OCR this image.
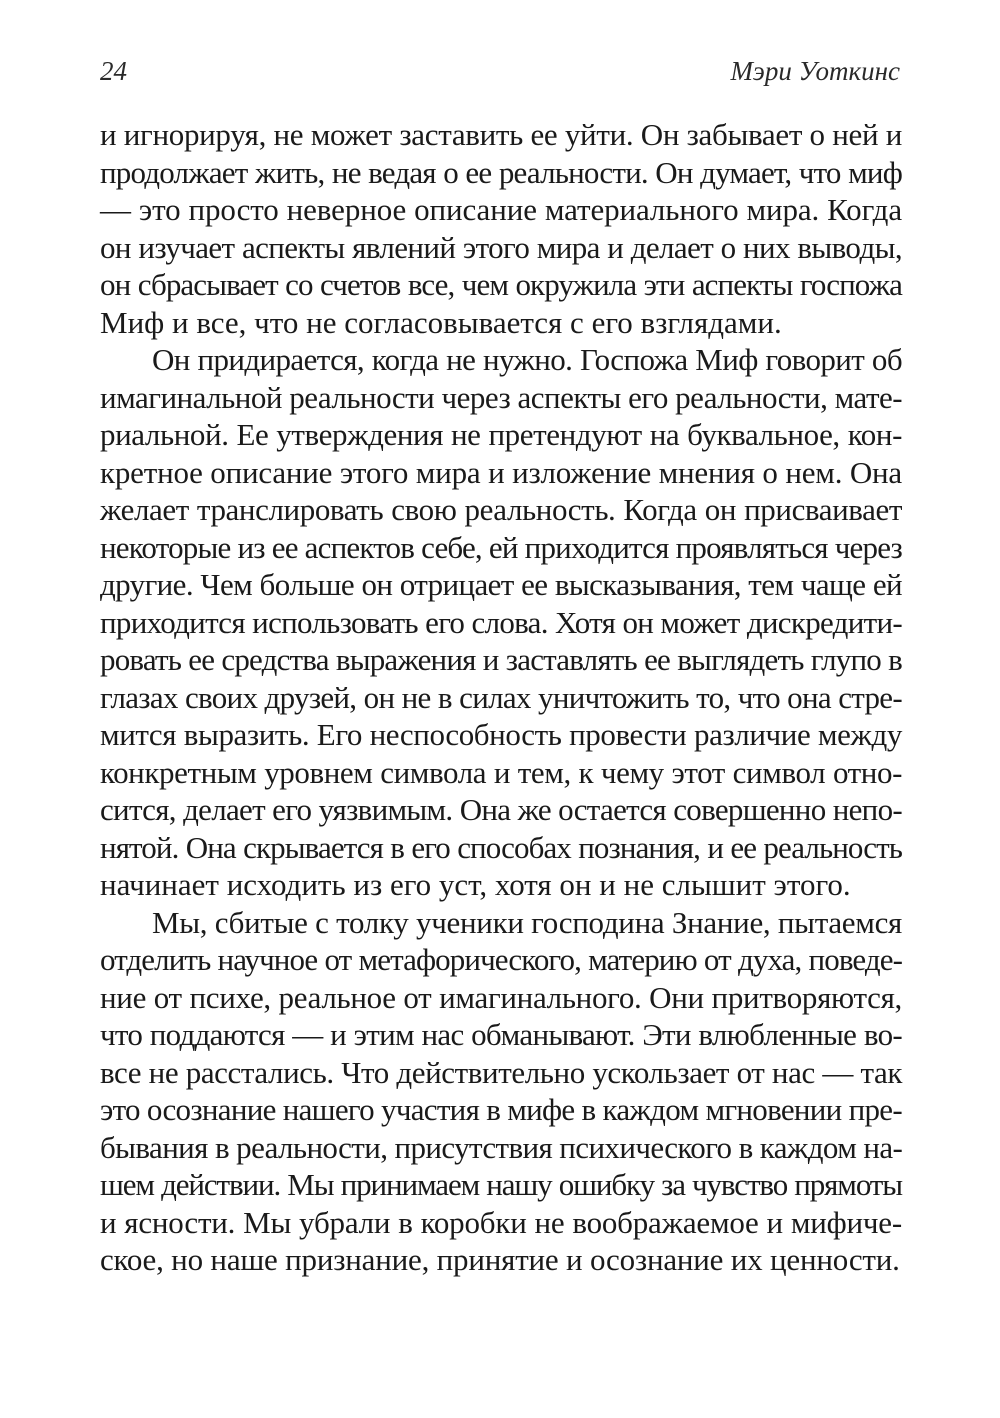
24	Мэри Уоткинс
и игнорируя, не может заставить ее уйти. Он забывает о ней и
продолжает жить, не ведая о ее реальности. Он думает, что миф
— это просто неверное описание материального мира. Когда
он изучает аспекты явлений этого мира и делает о них выводы,
он сбрасывает со счетов все, чем окружила эти аспекты госпожа
Миф и все, что не согласовывается с его взглядами.
Он придирается, когда не нужно. Госпожа Миф говорит об
имагинальной реальности через аспекты его реальности, мате-
риальной. Ее утверждения не претендуют на буквальное, кон-
кретное описание этого мира и изложение мнения о нем. Она
желает транслировать свою реальность. Когда он присваивает
некоторые из ее аспектов себе, ей приходится проявляться через
другие. Чем больше он отрицает ее высказывания, тем чаще ей
приходится использовать его слова. Хотя он может дискредити-
ровать ее средства выражения и заставлять ее выглядеть глупо в
глазах своих друзей, он не в силах уничтожить то, что она стре-
мится выразить. Его неспособность провести различие между
конкретным уровнем символа и тем, к чему этот символ отно-
сится, делает его уязвимым. Она же остается совершенно непо-
нятой. Она скрывается в его способах познания, и ее реальность
начинает исходить из его уст, хотя он и не слышит этого.
Мы, сбитые с толку ученики господина Знание, пытаемся
отделить научное от метафорического, материю от духа, поведе-
ние от психе, реальное от имагинального. Они притворяются,
что поддаются — и этим нас обманывают. Эти влюбленные во-
все не расстались. Что действительно ускользает от нас — так
это осознание нашего участия в мифе в каждом мгновении пре-
бывания в реальности, присутствия психического в каждом на-
шем действии. Мы принимаем нашу ошибку за чувство прямоты
и ясности. Мы убрали в коробки не воображаемое и мифиче-
ское, но наше признание, принятие и осознание их ценности.
